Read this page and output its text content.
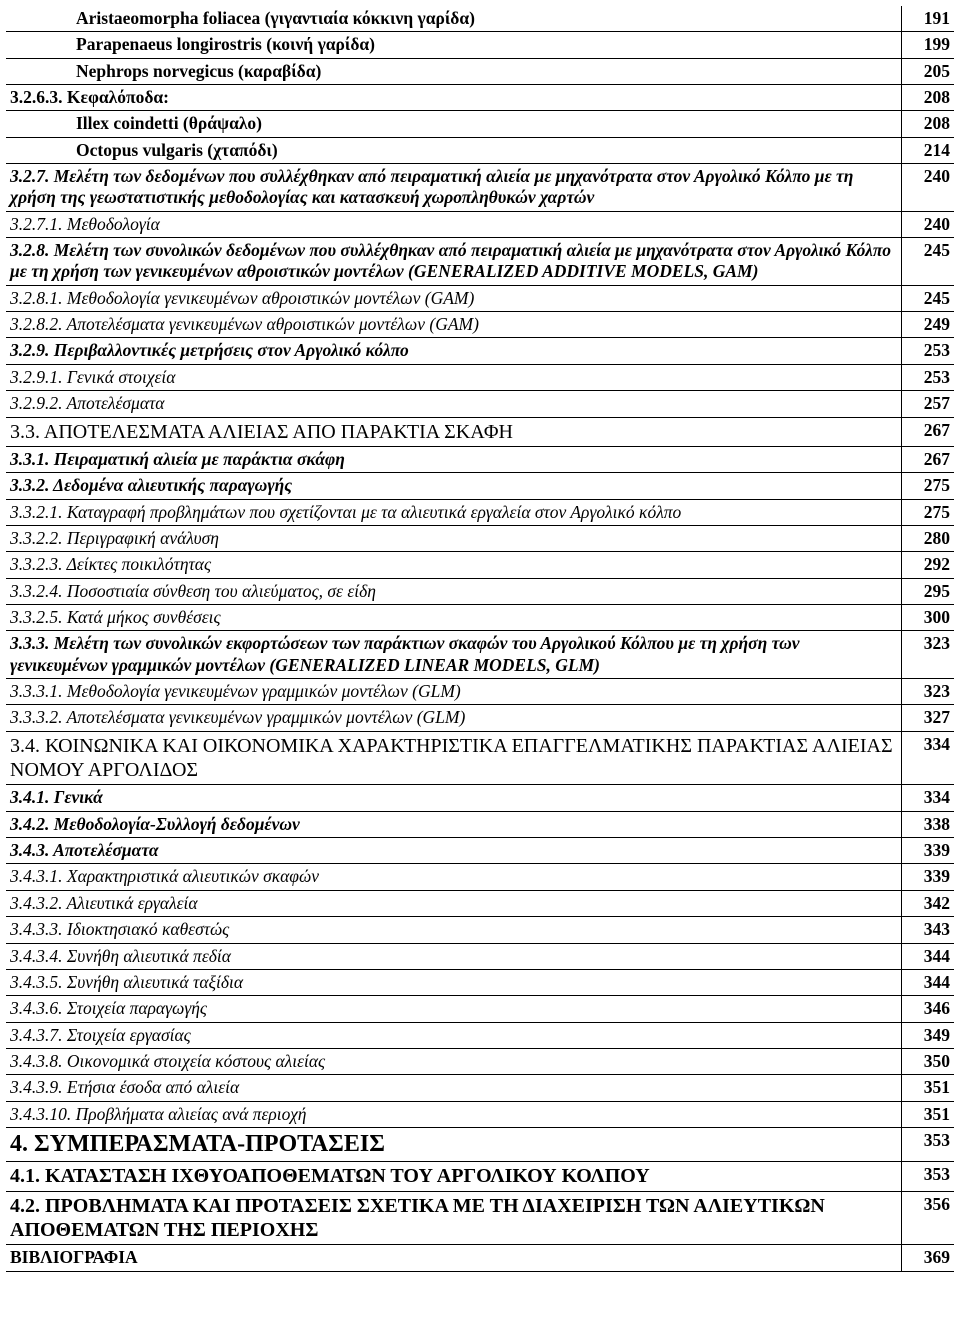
Aristaeomorpha foliacea (γιγαντιαία κόκκινη γαρίδα)	191
Parapenaeus longirostris (κοινή γαρίδα)	199
Nephrops norvegicus (καραβίδα)	205
3.2.6.3. Κεφαλόποδα:	208
Illex coindetti (θράψαλο)	208
Octopus vulgaris (χταπόδι)	214
3.2.7. Μελέτη των δεδομένων που συλλέχθηκαν από πειραματική αλιεία με μηχανότρατα στον Αργολικό Κόλπο με τη χρήση της γεωστατιστικής μεθοδολογίας και κατασκευή χωροπληθυκών χαρτών	240
3.2.7.1. Μεθοδολογία	240
3.2.8. Μελέτη των συνολικών δεδομένων που συλλέχθηκαν από πειραματική αλιεία με μηχανότρατα στον Αργολικό Κόλπο με τη χρήση των γενικευμένων αθροιστικών μοντέλων (GENERALIZED ADDITIVE MODELS, GAM)	245
3.2.8.1. Μεθοδολογία γενικευμένων αθροιστικών μοντέλων (GAM)	245
3.2.8.2. Αποτελέσματα γενικευμένων αθροιστικών μοντέλων (GAM)	249
3.2.9. Περιβαλλοντικές μετρήσεις στον Αργολικό κόλπο	253
3.2.9.1. Γενικά στοιχεία	253
3.2.9.2. Αποτελέσματα	257
3.3. ΑΠΟΤΕΛΕΣΜΑΤΑ ΑΛΙΕΙΑΣ ΑΠΟ ΠΑΡΑΚΤΙΑ ΣΚΑΦΗ	267
3.3.1. Πειραματική αλιεία με παράκτια σκάφη	267
3.3.2. Δεδομένα αλιευτικής παραγωγής	275
3.3.2.1. Καταγραφή προβλημάτων που σχετίζονται με τα αλιευτικά εργαλεία στον Αργολικό κόλπο	275
3.3.2.2. Περιγραφική ανάλυση	280
3.3.2.3. Δείκτες ποικιλότητας	292
3.3.2.4. Ποσοστιαία σύνθεση του αλιεύματος, σε είδη	295
3.3.2.5. Κατά μήκος συνθέσεις	300
3.3.3. Μελέτη των συνολικών εκφορτώσεων των παράκτιων σκαφών του Αργολικού Κόλπου με τη χρήση των γενικευμένων γραμμικών μοντέλων (GENERALIZED LINEAR MODELS, GLM)	323
3.3.3.1. Μεθοδολογία γενικευμένων γραμμικών μοντέλων (GLM)	323
3.3.3.2. Αποτελέσματα γενικευμένων γραμμικών μοντέλων (GLM)	327
3.4. ΚΟΙΝΩΝΙΚΑ ΚΑΙ ΟΙΚΟΝΟΜΙΚΑ ΧΑΡΑΚΤΗΡΙΣΤΙΚΑ ΕΠΑΓΓΕΛΜΑΤΙΚΗΣ ΠΑΡΑΚΤΙΑΣ ΑΛΙΕΙΑΣ ΝΟΜΟΥ ΑΡΓΟΛΙΔΟΣ	334
3.4.1. Γενικά	334
3.4.2. Μεθοδολογία-Συλλογή δεδομένων	338
3.4.3. Αποτελέσματα	339
3.4.3.1. Χαρακτηριστικά αλιευτικών σκαφών	339
3.4.3.2. Αλιευτικά εργαλεία	342
3.4.3.3. Ιδιοκτησιακό καθεστώς	343
3.4.3.4. Συνήθη αλιευτικά πεδία	344
3.4.3.5. Συνήθη αλιευτικά ταξίδια	344
3.4.3.6. Στοιχεία παραγωγής	346
3.4.3.7. Στοιχεία εργασίας	349
3.4.3.8. Οικονομικά στοιχεία κόστους αλιείας	350
3.4.3.9. Ετήσια έσοδα από αλιεία	351
3.4.3.10. Προβλήματα αλιείας ανά περιοχή	351
4. ΣΥΜΠΕΡΑΣΜΑΤΑ-ΠΡΟΤΑΣΕΙΣ	353
4.1. ΚΑΤΑΣΤΑΣΗ ΙΧΘΥΟΑΠΟΘΕΜΑΤΩΝ ΤΟΥ ΑΡΓΟΛΙΚΟΥ ΚΟΛΠΟΥ	353
4.2. ΠΡΟΒΛΗΜΑΤΑ ΚΑΙ ΠΡΟΤΑΣΕΙΣ ΣΧΕΤΙΚΑ ΜΕ ΤΗ ΔΙΑΧΕΙΡΙΣΗ ΤΩΝ ΑΛΙΕΥΤΙΚΩΝ ΑΠΟΘΕΜΑΤΩΝ ΤΗΣ ΠΕΡΙΟΧΗΣ	356
ΒΙΒΛΙΟΓΡΑΦΙΑ	369
